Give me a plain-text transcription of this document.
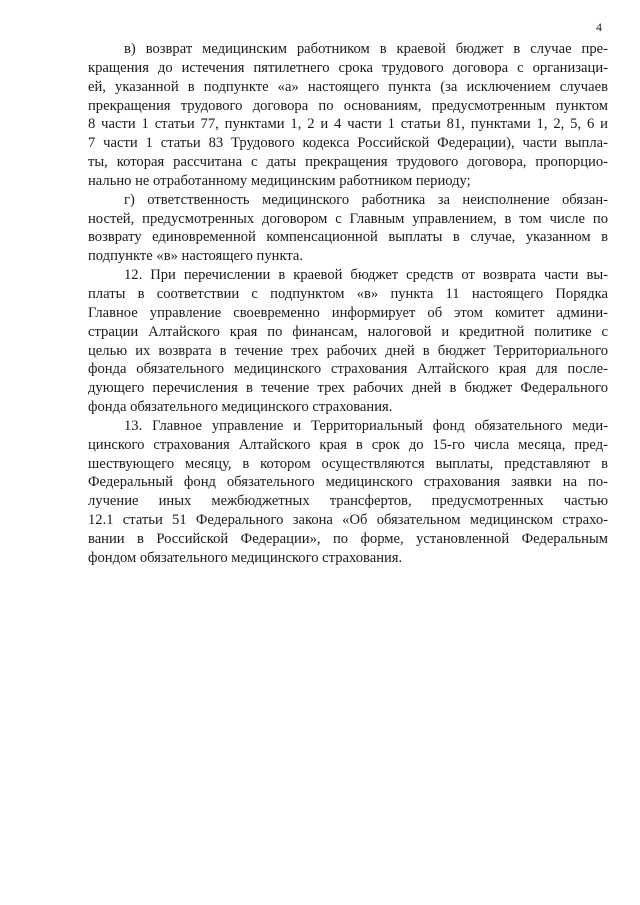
4
в) возврат медицинским работником в краевой бюджет в случае пре-
кращения до истечения пятилетнего срока трудового договора с организаци-
ей, указанной в подпункте «а» настоящего пункта (за исключением случаев
прекращения трудового договора по основаниям, предусмотренным пунктом
8 части 1 статьи 77, пунктами 1, 2 и 4 части 1 статьи 81, пунктами 1, 2, 5, 6 и
7 части 1 статьи 83 Трудового кодекса Российской Федерации), части выпла-
ты, которая рассчитана с даты прекращения трудового договора, пропорцио-
нально не отработанному медицинским работником периоду;
г) ответственность медицинского работника за неисполнение обязан-
ностей, предусмотренных договором с Главным управлением, в том числе по
возврату единовременной компенсационной выплаты в случае, указанном в
подпункте «в» настоящего пункта.
12. При перечислении в краевой бюджет средств от возврата части вы-
платы в соответствии с подпунктом «в» пункта 11 настоящего Порядка
Главное управление своевременно информирует об этом комитет админи-
страции Алтайского края по финансам, налоговой и кредитной политике с
целью их возврата в течение трех рабочих дней в бюджет Территориального
фонда обязательного медицинского страхования Алтайского края для после-
дующего перечисления в течение трех рабочих дней в бюджет Федерального
фонда обязательного медицинского страхования.
13. Главное управление и Территориальный фонд обязательного меди-
цинского страхования Алтайского края в срок до 15-го числа месяца, пред-
шествующего месяцу, в котором осуществляются выплаты, представляют в
Федеральный фонд обязательного медицинского страхования заявки на по-
лучение иных межбюджетных трансфертов, предусмотренных частью
12.1 статьи 51 Федерального закона «Об обязательном медицинском страхо-
вании в Российской Федерации», по форме, установленной Федеральным
фондом обязательного медицинского страхования.
